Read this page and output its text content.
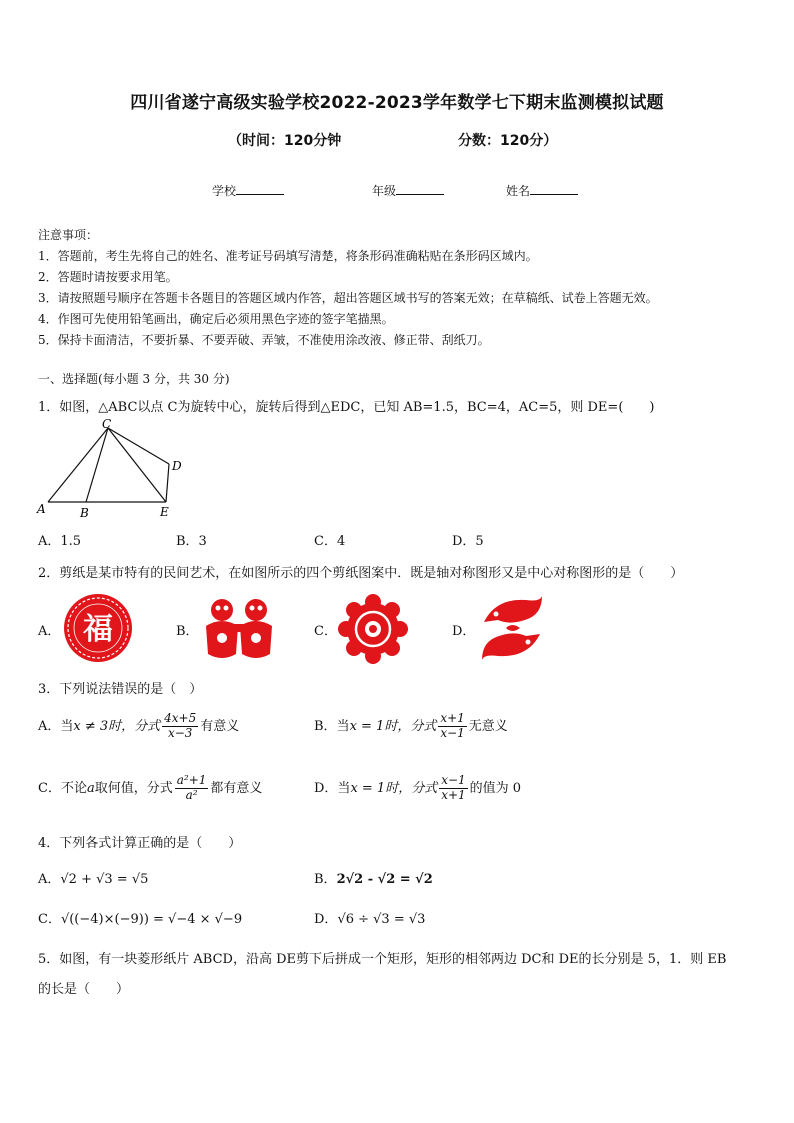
四川省遂宁高级实验学校2022-2023学年数学七下期末监测模拟试题
（时间：120分钟	分数：120分）
学校	年级	姓名
注意事项：
1．答题前，考生先将自己的姓名、准考证号码填写清楚，将条形码准确粘贴在条形码区域内。
2．答题时请按要求用笔。
3．请按照题号顺序在答题卡各题目的答题区域内作答，超出答题区域书写的答案无效；在草稿纸、试卷上答题无效。
4．作图可先使用铅笔画出，确定后必须用黑色字迹的签字笔描黑。
5．保持卡面清洁，不要折暴、不要弄破、弄皱，不准使用涂改液、修正带、刮纸刀。
一、选择题(每小题 3 分，共 30 分)
1．如图，△ABC以点 C为旋转中心，旋转后得到△EDC，已知 AB=1.5，BC=4，AC=5，则 DE=(　　)
C
D
A	B	E
A．1.5	B．3	C．4	D．5
2．剪纸是某市特有的民间艺术，在如图所示的四个剪纸图案中．既是轴对称图形又是中心对称图形的是（　　）
A．	B．	C．	D．
福
3．下列说法错误的是（　）
A．当x ≠ 3时，分式 $\frac{4x+5}{x-3}$ 有意义	B．当x = 1时，分式 $\frac{x+1}{x-1}$ 无意义
C．不论a取何值，分式 $\frac{\text{a²+1}}{\text{a²}}$ 都有意义	D．当x = 1时，分式 $\frac{x-1}{x+1}$ 的值为 0
4．下列各式计算正确的是（　　）
A．√2 + √3 = √5	B．2√2 - √2 = √2
C．√((−4)×(−9)) = √−4 × √−9	D．√6 ÷ √3 = √3
5．如图，有一块菱形纸片 ABCD，沿高 DE剪下后拼成一个矩形，矩形的相邻两边 DC和 DE的长分别是 5，1．则 EB
的长是（　　）
